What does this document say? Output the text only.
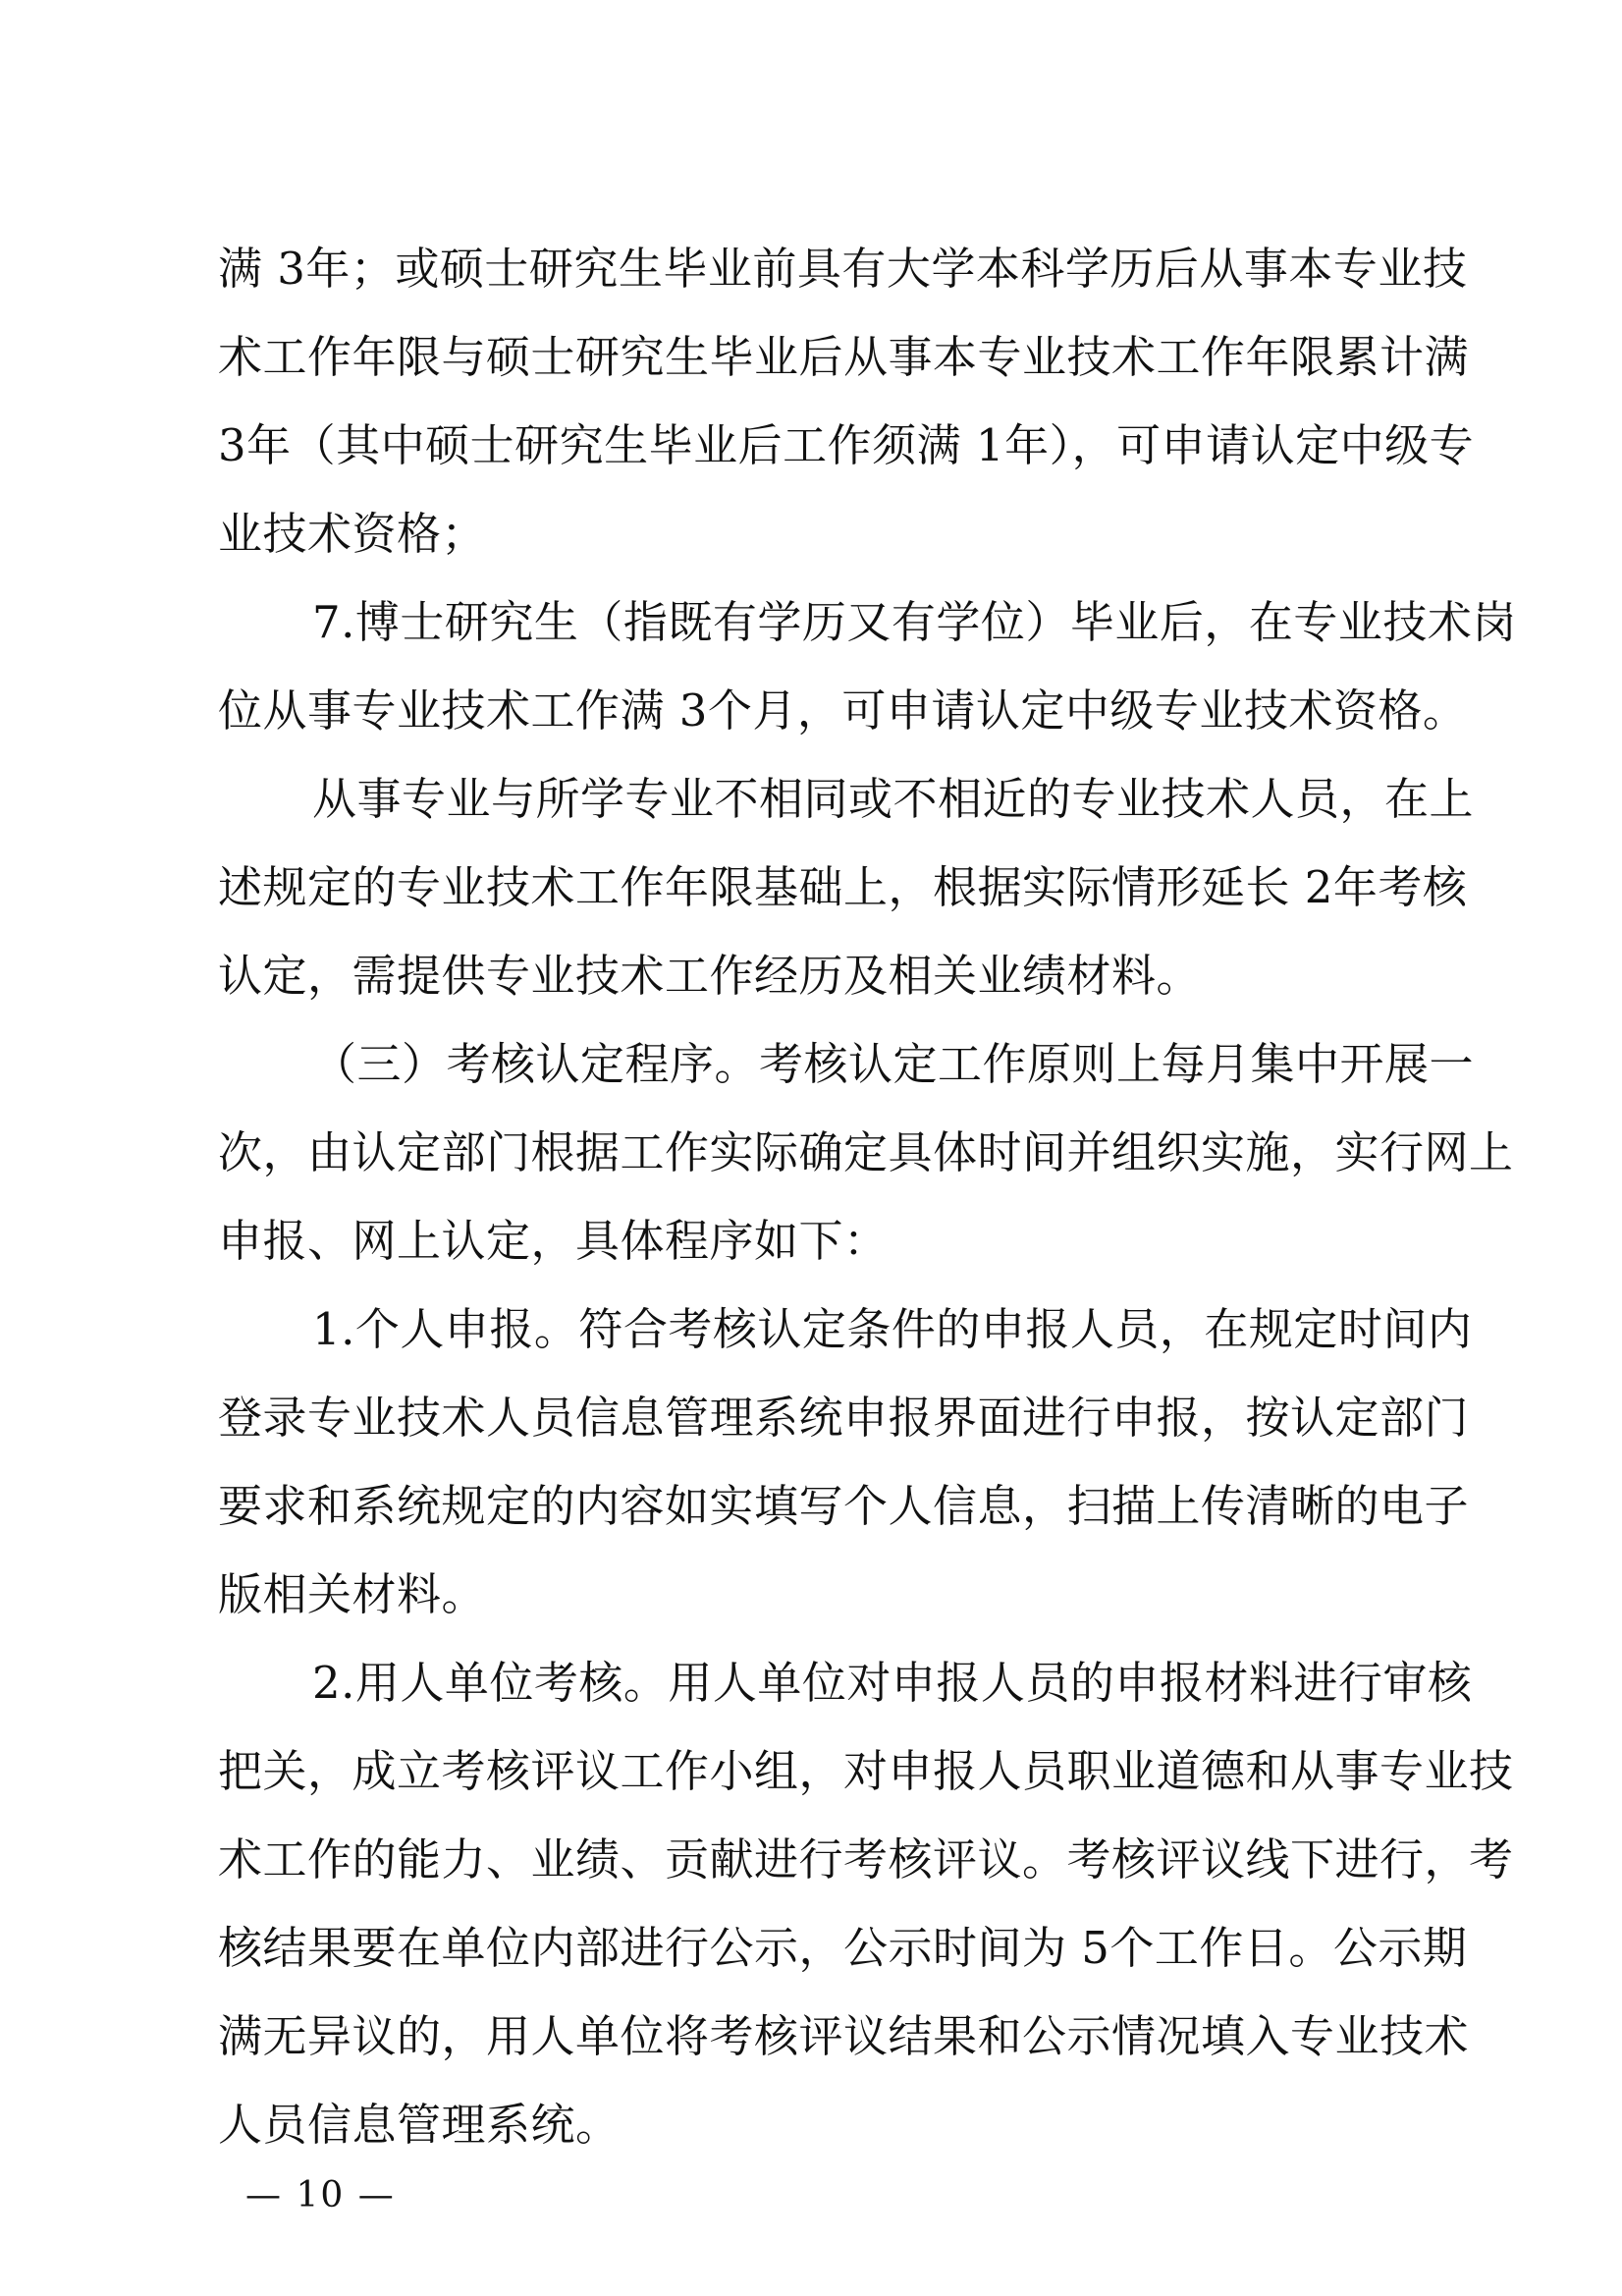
满 3年；或硕士研究生毕业前具有大学本科学历后从事本专业技
术工作年限与硕士研究生毕业后从事本专业技术工作年限累计满
3年（其中硕士研究生毕业后工作须满 1年），可申请认定中级专
业技术资格；
7.博士研究生（指既有学历又有学位）毕业后，在专业技术岗
位从事专业技术工作满 3个月，可申请认定中级专业技术资格。
从事专业与所学专业不相同或不相近的专业技术人员，在上
述规定的专业技术工作年限基础上，根据实际情形延长 2年考核
认定，需提供专业技术工作经历及相关业绩材料。
（三）考核认定程序。考核认定工作原则上每月集中开展一
次，由认定部门根据工作实际确定具体时间并组织实施，实行网上
申报、网上认定，具体程序如下：
1.个人申报。符合考核认定条件的申报人员，在规定时间内
登录专业技术人员信息管理系统申报界面进行申报，按认定部门
要求和系统规定的内容如实填写个人信息，扫描上传清晰的电子
版相关材料。
2.用人单位考核。用人单位对申报人员的申报材料进行审核
把关，成立考核评议工作小组，对申报人员职业道德和从事专业技
术工作的能力、业绩、贡献进行考核评议。考核评议线下进行，考
核结果要在单位内部进行公示，公示时间为 5个工作日。公示期
满无异议的，用人单位将考核评议结果和公示情况填入专业技术
人员信息管理系统。
— 10 —
